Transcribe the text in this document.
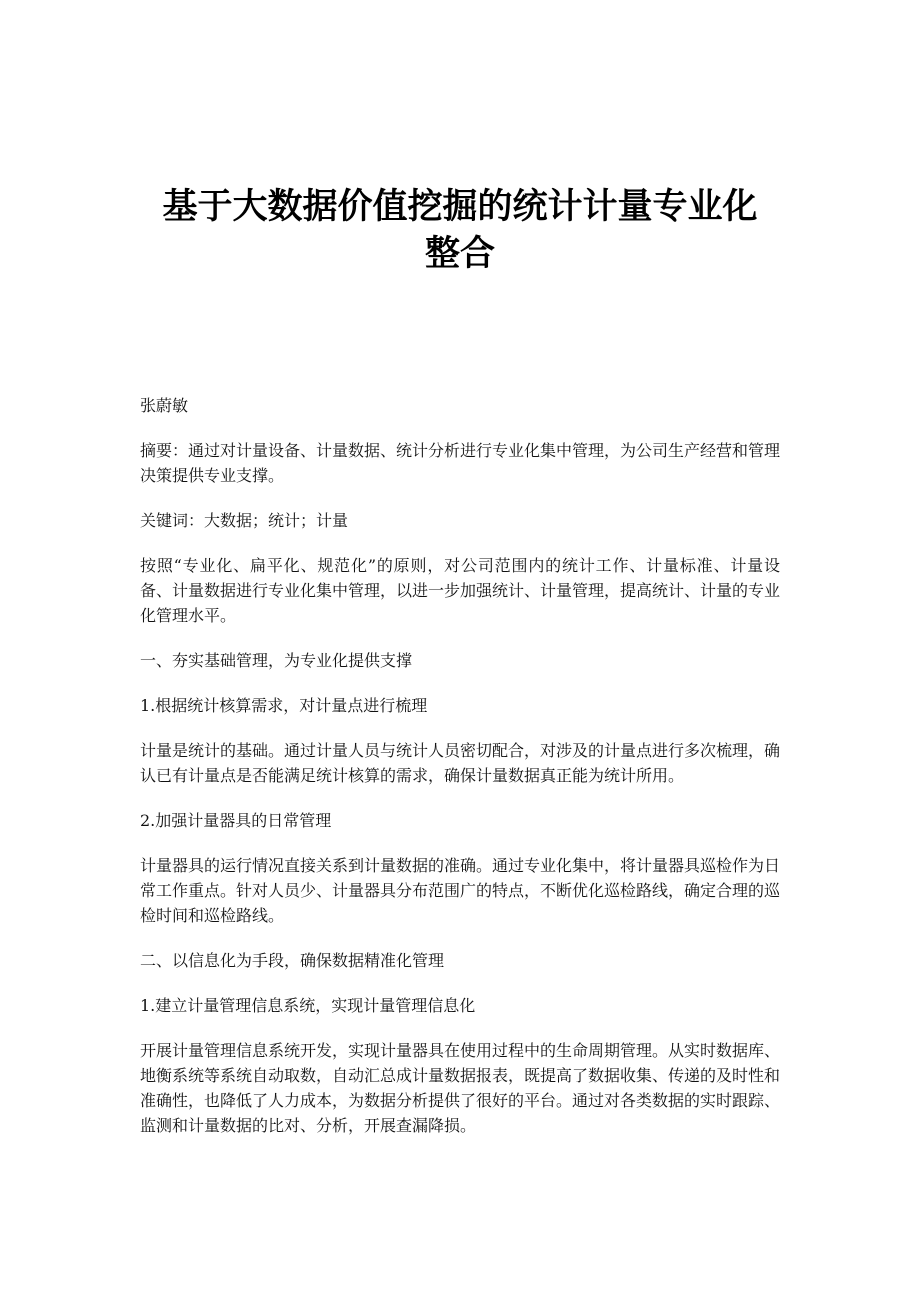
基于大数据价值挖掘的统计计量专业化
整合

张蔚敏

摘要：通过对计量设备、计量数据、统计分析进行专业化集中管理，为公司生产经营和管理决策提供专业支撑。

关键词：大数据；统计；计量

按照“专业化、扁平化、规范化”的原则，对公司范围内的统计工作、计量标准、计量设备、计量数据进行专业化集中管理，以进一步加强统计、计量管理，提高统计、计量的专业化管理水平。

一、夯实基础管理，为专业化提供支撑

1.根据统计核算需求，对计量点进行梳理

计量是统计的基础。通过计量人员与统计人员密切配合，对涉及的计量点进行多次梳理，确认已有计量点是否能满足统计核算的需求，确保计量数据真正能为统计所用。

2.加强计量器具的日常管理

计量器具的运行情况直接关系到计量数据的准确。通过专业化集中，将计量器具巡检作为日常工作重点。针对人员少、计量器具分布范围广的特点，不断优化巡检路线，确定合理的巡检时间和巡检路线。

二、以信息化为手段，确保数据精准化管理

1.建立计量管理信息系统，实现计量管理信息化

开展计量管理信息系统开发，实现计量器具在使用过程中的生命周期管理。从实时数据库、地衡系统等系统自动取数，自动汇总成计量数据报表，既提高了数据收集、传递的及时性和准确性，也降低了人力成本，为数据分析提供了很好的平台。通过对各类数据的实时跟踪、监测和计量数据的比对、分析，开展查漏降损。
